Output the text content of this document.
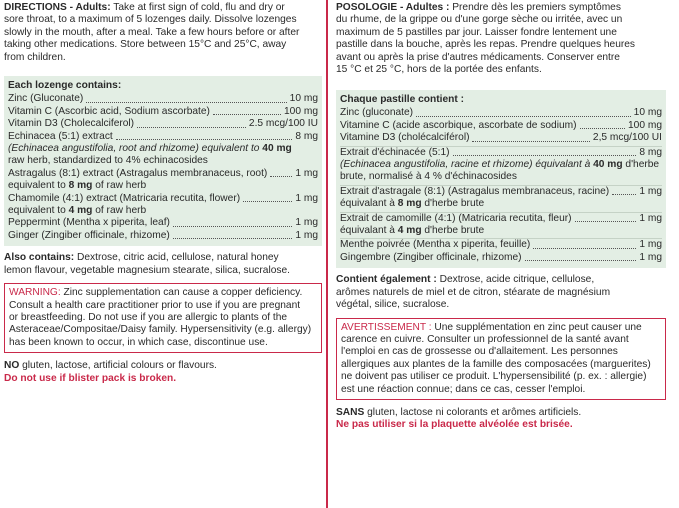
DIRECTIONS - Adults: Take at first sign of cold, flu and dry or
sore throat, to a maximum of 5 lozenges daily. Dissolve lozenges
slowly in the mouth, after a meal. Take a few hours before or after
taking other medications. Store between 15°C and 25°C, away
from children.
Each lozenge contains:
Zinc (Gluconate)	10 mg
Vitamin C (Ascorbic acid, Sodium ascorbate)	100 mg
Vitamin D3 (Cholecalciferol)	2.5 mcg/100 IU
Echinacea (5:1) extract	8 mg
(Echinacea angustifolia, root and rhizome) equivalent to 40 mg
raw herb, standardized to 4% echinacosides
Astragalus (8:1) extract (Astragalus membranaceus, root)	1 mg
equivalent to 8 mg of raw herb
Chamomile (4:1) extract (Matricaria recutita, flower)	1 mg
equivalent to 4 mg of raw herb
Peppermint (Mentha x piperita, leaf)	1 mg
Ginger (Zingiber officinale, rhizome)	1 mg
Also contains: Dextrose, citric acid, cellulose, natural honey
lemon flavour, vegetable magnesium stearate, silica, sucralose.
WARNING: Zinc supplementation can cause a copper deficiency.
Consult a health care practitioner prior to use if you are pregnant
or breastfeeding. Do not use if you are allergic to plants of the
Asteraceae/Compositae/Daisy family. Hypersensitivity (e.g. allergy)
has been known to occur, in which case, discontinue use.
NO gluten, lactose, artificial colours or flavours.
Do not use if blister pack is broken.
POSOLOGIE - Adultes : Prendre dès les premiers symptômes
du rhume, de la grippe ou d'une gorge sèche ou irritée, avec un
maximum de 5 pastilles par jour. Laisser fondre lentement une
pastille dans la bouche, après les repas. Prendre quelques heures
avant ou après la prise d'autres médicaments. Conserver entre
15 °C et 25 °C, hors de la portée des enfants.
Chaque pastille contient :
Zinc (gluconate)	10 mg
Vitamine C (acide ascorbique, ascorbate de sodium)	100 mg
Vitamine D3 (cholécalciférol)	2,5 mcg/100 UI
Extrait d'échinacée (5:1)	8 mg
(Echinacea angustifolia, racine et rhizome) équivalant à 40 mg d'herbe
brute, normalisé à 4 % d'échinacosides
Extrait d'astragale (8:1) (Astragalus membranaceus, racine)	1 mg
équivalant à 8 mg d'herbe brute
Extrait de camomille (4:1) (Matricaria recutita, fleur)	1 mg
équivalant à 4 mg d'herbe brute
Menthe poivrée (Mentha x piperita, feuille)	1 mg
Gingembre (Zingiber officinale, rhizome)	1 mg
Contient également : Dextrose, acide citrique, cellulose,
arômes naturels de miel et de citron, stéarate de magnésium
végétal, silice, sucralose.
AVERTISSEMENT : Une supplémentation en zinc peut causer une
carence en cuivre. Consulter un professionnel de la santé avant
l'emploi en cas de grossesse ou d'allaitement. Les personnes
allergiques aux plantes de la famille des composacées (marguerites)
ne doivent pas utiliser ce produit. L'hypersensibilité (p. ex. : allergie)
est une réaction connue; dans ce cas, cesser l'emploi.
SANS gluten, lactose ni colorants et arômes artificiels.
Ne pas utiliser si la plaquette alvéolée est brisée.
